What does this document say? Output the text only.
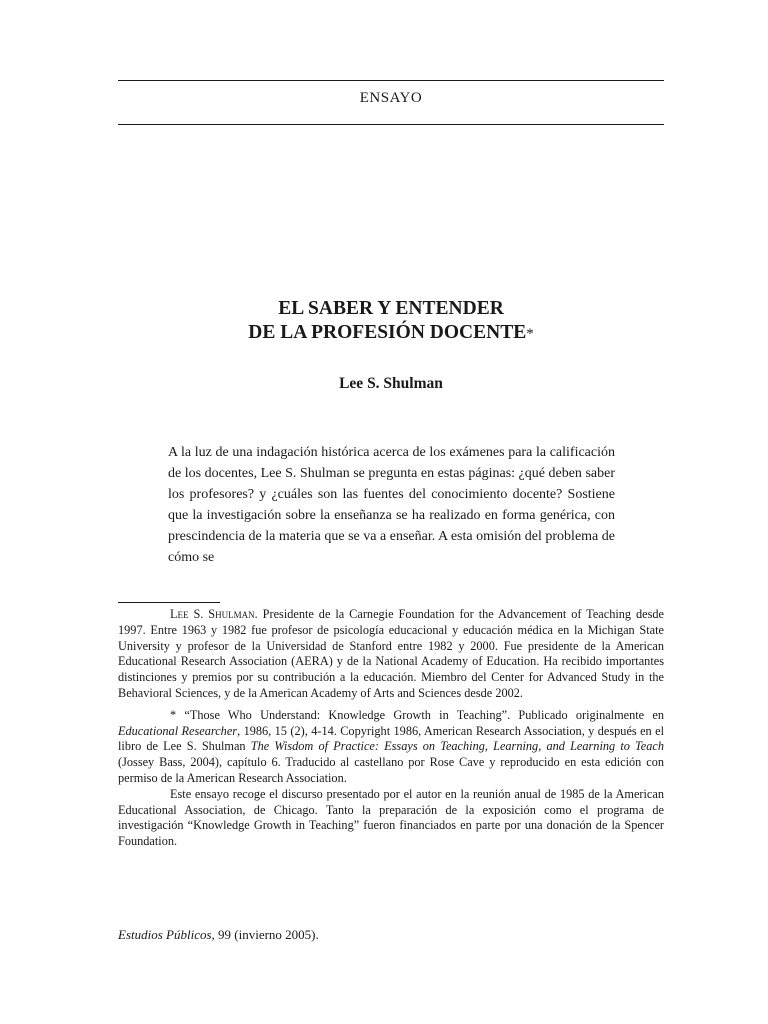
ENSAYO
EL SABER Y ENTENDER
DE LA PROFESIÓN DOCENTE*
Lee S. Shulman

A la luz de una indagación histórica acerca de los exámenes para la calificación de los docentes, Lee S. Shulman se pregunta en estas páginas: ¿qué deben saber los profesores? y ¿cuáles son las fuentes del conocimiento docente? Sostiene que la investigación sobre la enseñanza se ha realizado en forma genérica, con prescindencia de la materia que se va a enseñar. A esta omisión del problema de cómo se

Lee S. Shulman. Presidente de la Carnegie Foundation for the Advancement of Teaching desde 1997. Entre 1963 y 1982 fue profesor de psicología educacional y educación médica en la Michigan State University y profesor de la Universidad de Stanford entre 1982 y 2000. Fue presidente de la American Educational Research Association (AERA) y de la National Academy of Education. Ha recibido importantes distinciones y premios por su contribución a la educación. Miembro del Center for Advanced Study in the Behavioral Sciences, y de la American Academy of Arts and Sciences desde 2002.

* “Those Who Understand: Knowledge Growth in Teaching”. Publicado originalmente en Educational Researcher, 1986, 15 (2), 4-14. Copyright 1986, American Research Association, y después en el libro de Lee S. Shulman The Wisdom of Practice: Essays on Teaching, Learning, and Learning to Teach (Jossey Bass, 2004), capítulo 6. Traducido al castellano por Rose Cave y reproducido en esta edición con permiso de la American Research Association.

Este ensayo recoge el discurso presentado por el autor en la reunión anual de 1985 de la American Educational Association, de Chicago. Tanto la preparación de la exposición como el programa de investigación “Knowledge Growth in Teaching” fueron financiados en parte por una donación de la Spencer Foundation.

Estudios Públicos, 99 (invierno 2005).
